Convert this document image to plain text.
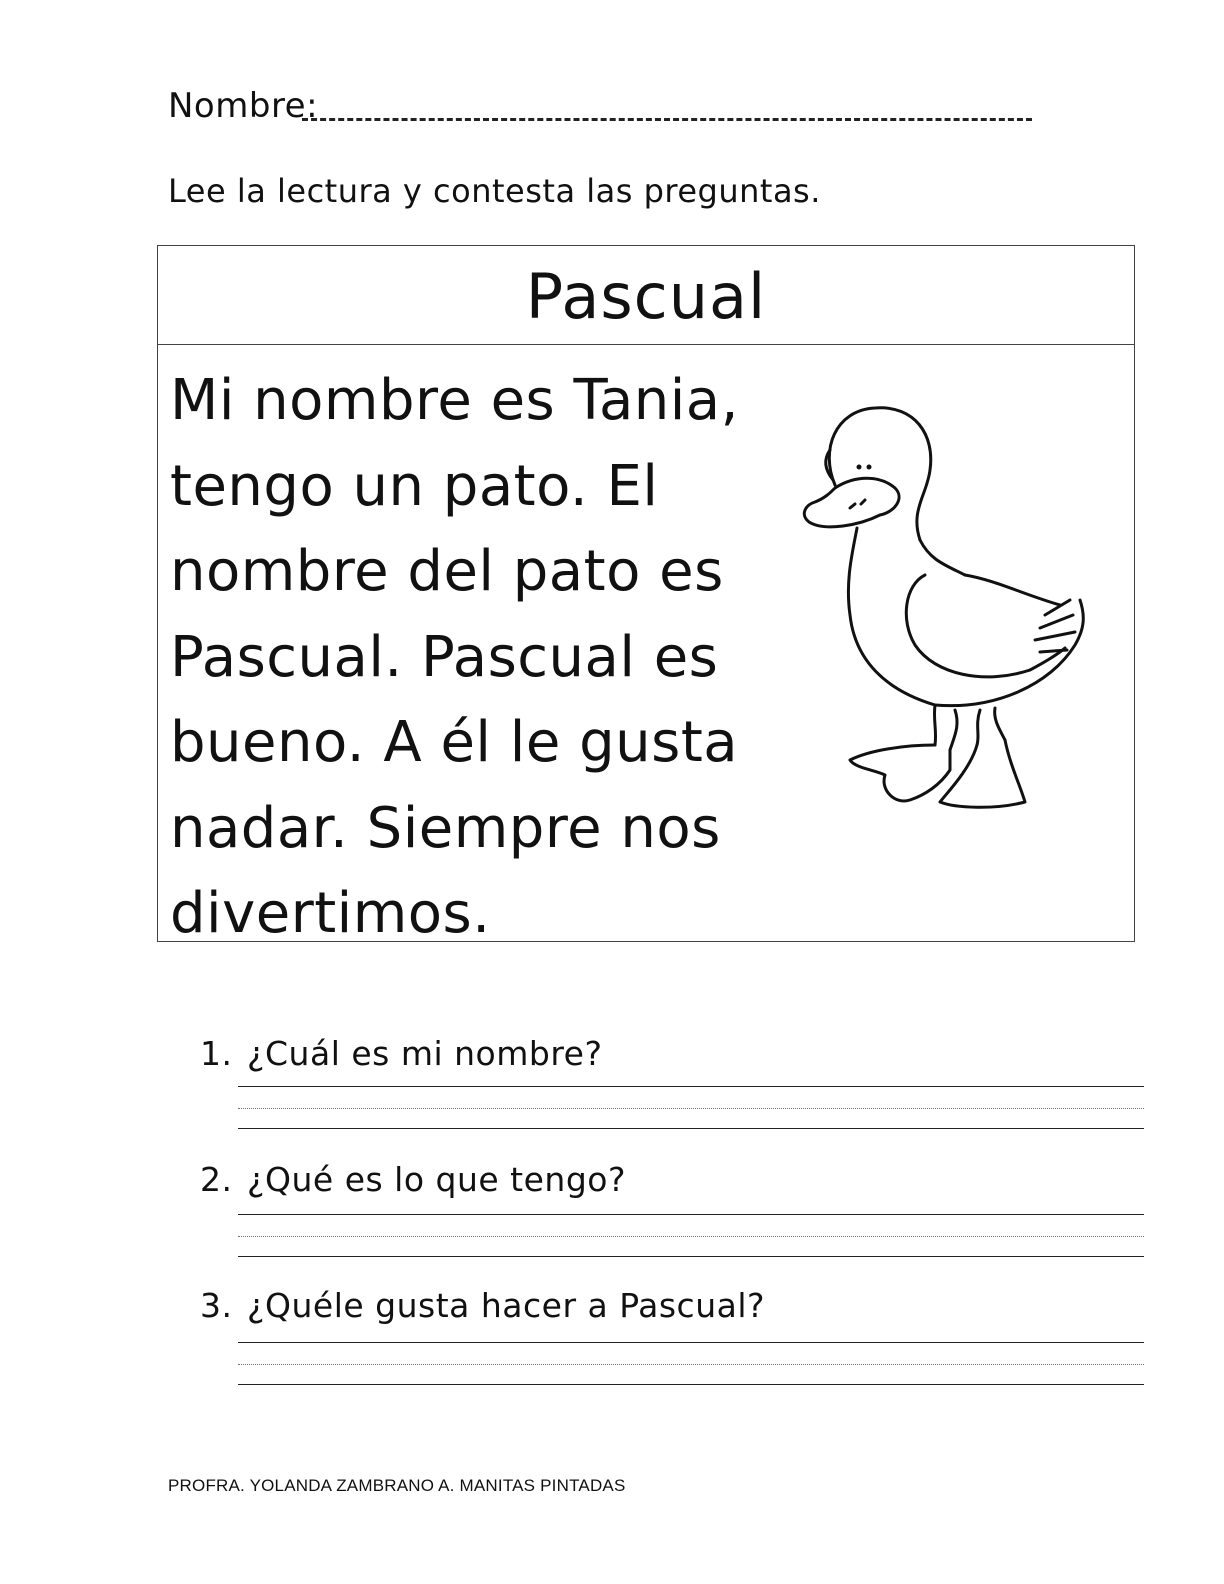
Nombre:
Lee la lectura y contesta las preguntas.
Pascual
Mi nombre es Tania,
tengo un pato. El
nombre del pato es
Pascual. Pascual es
bueno. A él le gusta
nadar. Siempre nos
divertimos.
1. ¿Cuál es mi nombre?
2. ¿Qué es lo que tengo?
3. ¿Quéle gusta hacer a Pascual?
PROFRA. YOLANDA ZAMBRANO A. MANITAS PINTADAS
